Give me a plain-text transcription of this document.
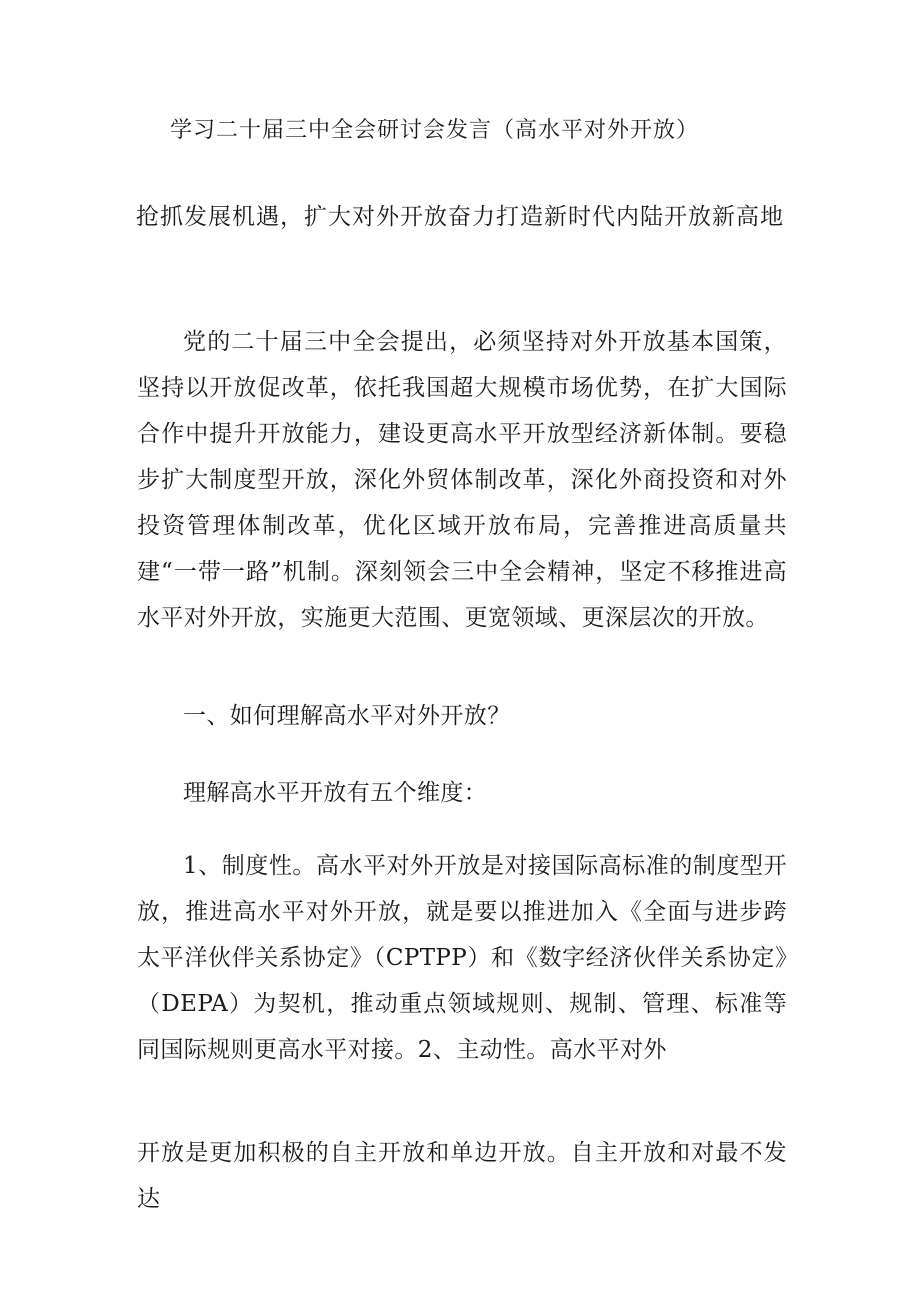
学习二十届三中全会研讨会发言（高水平对外开放）
抢抓发展机遇，扩大对外开放奋力打造新时代内陆开放新高地

党的二十届三中全会提出，必须坚持对外开放基本国策，坚持以开放促改革，依托我国超大规模市场优势，在扩大国际合作中提升开放能力，建设更高水平开放型经济新体制。要稳步扩大制度型开放，深化外贸体制改革，深化外商投资和对外投资管理体制改革，优化区域开放布局，完善推进高质量共建“一带一路”机制。深刻领会三中全会精神，坚定不移推进高水平对外开放，实施更大范围、更宽领域、更深层次的开放。

一、如何理解高水平对外开放？

理解高水平开放有五个维度：

1、制度性。高水平对外开放是对接国际高标准的制度型开放，推进高水平对外开放，就是要以推进加入《全面与进步跨太平洋伙伴关系协定》（CPTPP）和《数字经济伙伴关系协定》（DEPA）为契机，推动重点领域规则、规制、管理、标准等同国际规则更高水平对接。2、主动性。高水平对外

开放是更加积极的自主开放和单边开放。自主开放和对最不发达
